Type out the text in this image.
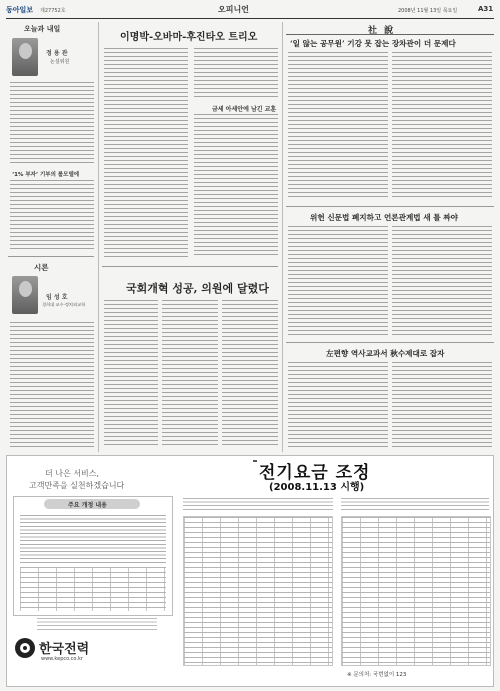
동아일보 제27752호	오피니언	2008년 11월 13일 목요일	A31
오늘과 내일
정 용 관
논설위원
‘1% 부자’ 기부의 롤모델에
시론
임 성 호
경희대 교수·정치외교학
이명박-오바마-후진타오 트리오
금세 아세안에 남긴 교훈
국회개혁 성공, 의원에 달렸다
社 說
‘일 않는 공무원’ 기강 못 잡는 장차관이 더 문제다
위헌 신문법 폐지하고 언론관계법 새 틀 짜야
左편향 역사교과서 秋수제대로 잡자
더 나은 서비스,
고객만족을 실천하겠습니다
주요 개정 내용
한국전력
www.kepco.co.kr
전기요금 조정
(2008.11.13 시행)
※ 문의처: 국번없이 123
